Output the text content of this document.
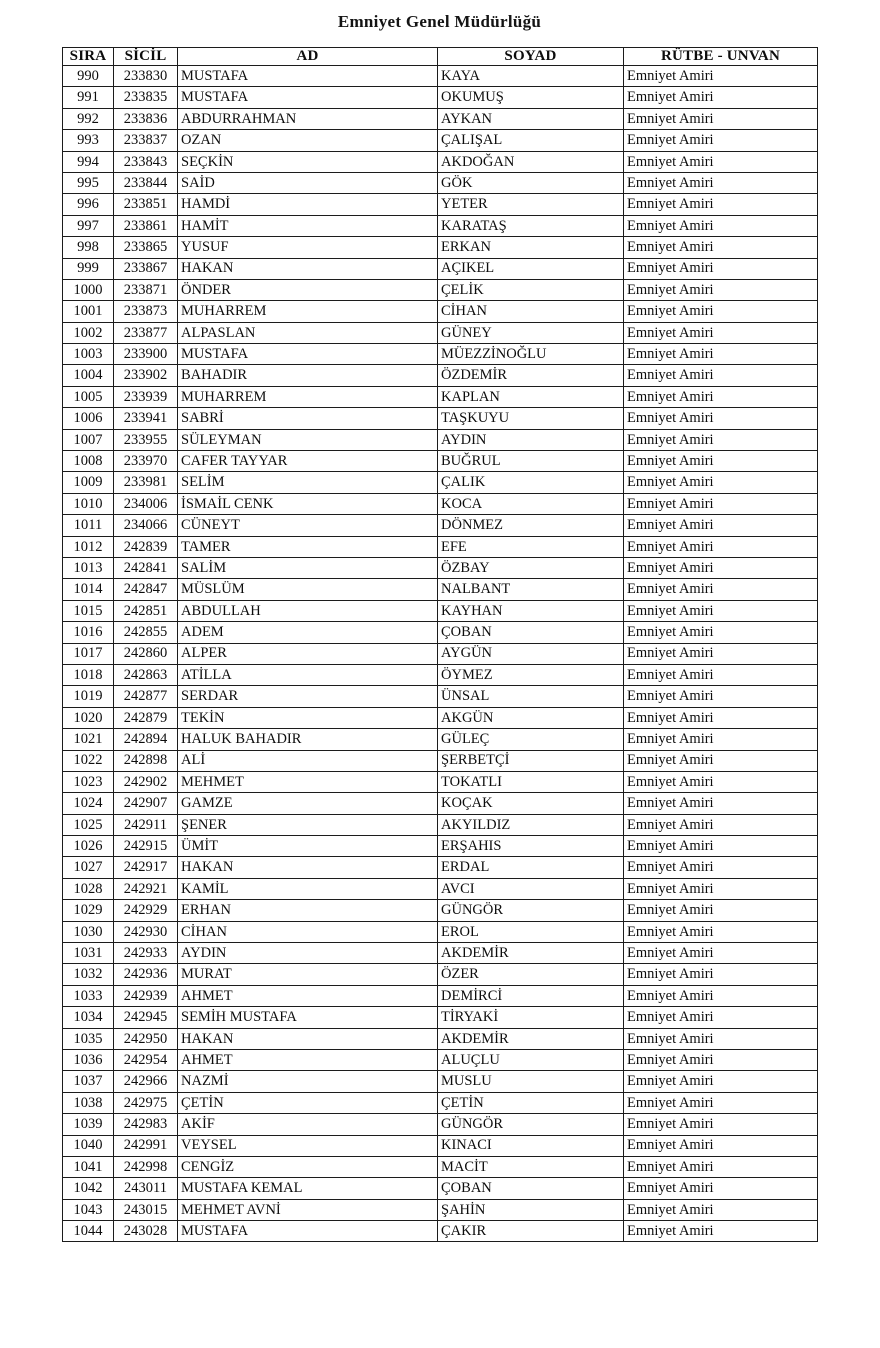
Emniyet Genel Müdürlüğü
SIRA	SİCİL	AD	SOYAD	RÜTBE - UNVAN
990	233830	MUSTAFA	KAYA	Emniyet Amiri
991	233835	MUSTAFA	OKUMUŞ	Emniyet Amiri
992	233836	ABDURRAHMAN	AYKAN	Emniyet Amiri
993	233837	OZAN	ÇALIŞAL	Emniyet Amiri
994	233843	SEÇKİN	AKDOĞAN	Emniyet Amiri
995	233844	SAİD	GÖK	Emniyet Amiri
996	233851	HAMDİ	YETER	Emniyet Amiri
997	233861	HAMİT	KARATAŞ	Emniyet Amiri
998	233865	YUSUF	ERKAN	Emniyet Amiri
999	233867	HAKAN	AÇIKEL	Emniyet Amiri
1000	233871	ÖNDER	ÇELİK	Emniyet Amiri
1001	233873	MUHARREM	CİHAN	Emniyet Amiri
1002	233877	ALPASLAN	GÜNEY	Emniyet Amiri
1003	233900	MUSTAFA	MÜEZZİNOĞLU	Emniyet Amiri
1004	233902	BAHADIR	ÖZDEMİR	Emniyet Amiri
1005	233939	MUHARREM	KAPLAN	Emniyet Amiri
1006	233941	SABRİ	TAŞKUYU	Emniyet Amiri
1007	233955	SÜLEYMAN	AYDIN	Emniyet Amiri
1008	233970	CAFER TAYYAR	BUĞRUL	Emniyet Amiri
1009	233981	SELİM	ÇALIK	Emniyet Amiri
1010	234006	İSMAİL CENK	KOCA	Emniyet Amiri
1011	234066	CÜNEYT	DÖNMEZ	Emniyet Amiri
1012	242839	TAMER	EFE	Emniyet Amiri
1013	242841	SALİM	ÖZBAY	Emniyet Amiri
1014	242847	MÜSLÜM	NALBANT	Emniyet Amiri
1015	242851	ABDULLAH	KAYHAN	Emniyet Amiri
1016	242855	ADEM	ÇOBAN	Emniyet Amiri
1017	242860	ALPER	AYGÜN	Emniyet Amiri
1018	242863	ATİLLA	ÖYMEZ	Emniyet Amiri
1019	242877	SERDAR	ÜNSAL	Emniyet Amiri
1020	242879	TEKİN	AKGÜN	Emniyet Amiri
1021	242894	HALUK BAHADIR	GÜLEÇ	Emniyet Amiri
1022	242898	ALİ	ŞERBETÇİ	Emniyet Amiri
1023	242902	MEHMET	TOKATLI	Emniyet Amiri
1024	242907	GAMZE	KOÇAK	Emniyet Amiri
1025	242911	ŞENER	AKYILDIZ	Emniyet Amiri
1026	242915	ÜMİT	ERŞAHIS	Emniyet Amiri
1027	242917	HAKAN	ERDAL	Emniyet Amiri
1028	242921	KAMİL	AVCI	Emniyet Amiri
1029	242929	ERHAN	GÜNGÖR	Emniyet Amiri
1030	242930	CİHAN	EROL	Emniyet Amiri
1031	242933	AYDIN	AKDEMİR	Emniyet Amiri
1032	242936	MURAT	ÖZER	Emniyet Amiri
1033	242939	AHMET	DEMİRCİ	Emniyet Amiri
1034	242945	SEMİH MUSTAFA	TİRYAKİ	Emniyet Amiri
1035	242950	HAKAN	AKDEMİR	Emniyet Amiri
1036	242954	AHMET	ALUÇLU	Emniyet Amiri
1037	242966	NAZMİ	MUSLU	Emniyet Amiri
1038	242975	ÇETİN	ÇETİN	Emniyet Amiri
1039	242983	AKİF	GÜNGÖR	Emniyet Amiri
1040	242991	VEYSEL	KINACI	Emniyet Amiri
1041	242998	CENGİZ	MACİT	Emniyet Amiri
1042	243011	MUSTAFA KEMAL	ÇOBAN	Emniyet Amiri
1043	243015	MEHMET AVNİ	ŞAHİN	Emniyet Amiri
1044	243028	MUSTAFA	ÇAKIR	Emniyet Amiri
